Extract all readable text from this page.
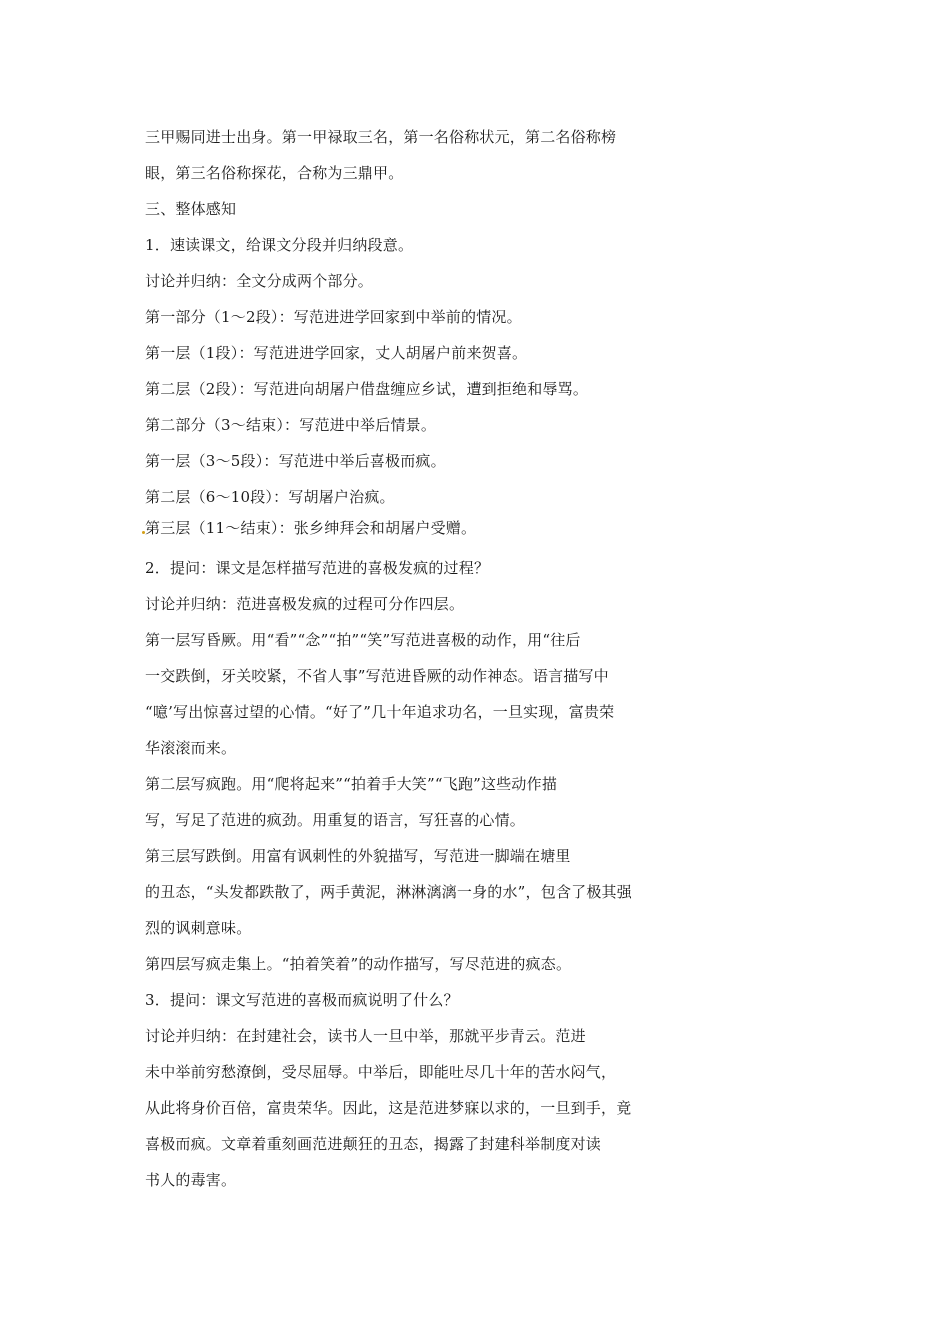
三甲赐同进士出身。第一甲禄取三名，第一名俗称状元，第二名俗称榜
眼，第三名俗称探花，合称为三鼎甲。
三、整体感知
1．速读课文，给课文分段并归纳段意。
讨论并归纳：全文分成两个部分。
第一部分（1～2段）：写范进进学回家到中举前的情况。
第一层（1段）：写范进进学回家，丈人胡屠户前来贺喜。
第二层（2段）：写范进向胡屠户借盘缠应乡试，遭到拒绝和辱骂。
第二部分（3～结束）：写范进中举后情景。
第一层（3～5段）：写范进中举后喜极而疯。
第二层（6～10段）：写胡屠户治疯。
第三层（11～结束）：张乡绅拜会和胡屠户受赠。
2．提问：课文是怎样描写范进的喜极发疯的过程？
讨论并归纳：范进喜极发疯的过程可分作四层。
第一层写昏厥。用“看”“念”“拍”“笑”写范进喜极的动作，用“往后
一交跌倒，牙关咬紧，不省人事”写范进昏厥的动作神态。语言描写中
“噫’写出惊喜过望的心情。“好了”几十年追求功名，一旦实现，富贵荣
华滚滚而来。
第二层写疯跑。用“爬将起来”“拍着手大笑”“飞跑”这些动作描
写，写足了范进的疯劲。用重复的语言，写狂喜的心情。
第三层写跌倒。用富有讽刺性的外貌描写，写范进一脚端在塘里
的丑态，“头发都跌散了，两手黄泥，淋淋漓漓一身的水”，包含了极其强
烈的讽刺意味。
第四层写疯走集上。“拍着笑着”的动作描写，写尽范进的疯态。
3．提问：课文写范进的喜极而疯说明了什么？
讨论并归纳：在封建社会，读书人一旦中举，那就平步青云。范进
未中举前穷愁潦倒，受尽屈辱。中举后，即能吐尽几十年的苦水闷气，
从此将身价百倍，富贵荣华。因此，这是范进梦寐以求的，一旦到手，竟
喜极而疯。文章着重刻画范进颠狂的丑态，揭露了封建科举制度对读
书人的毒害。
